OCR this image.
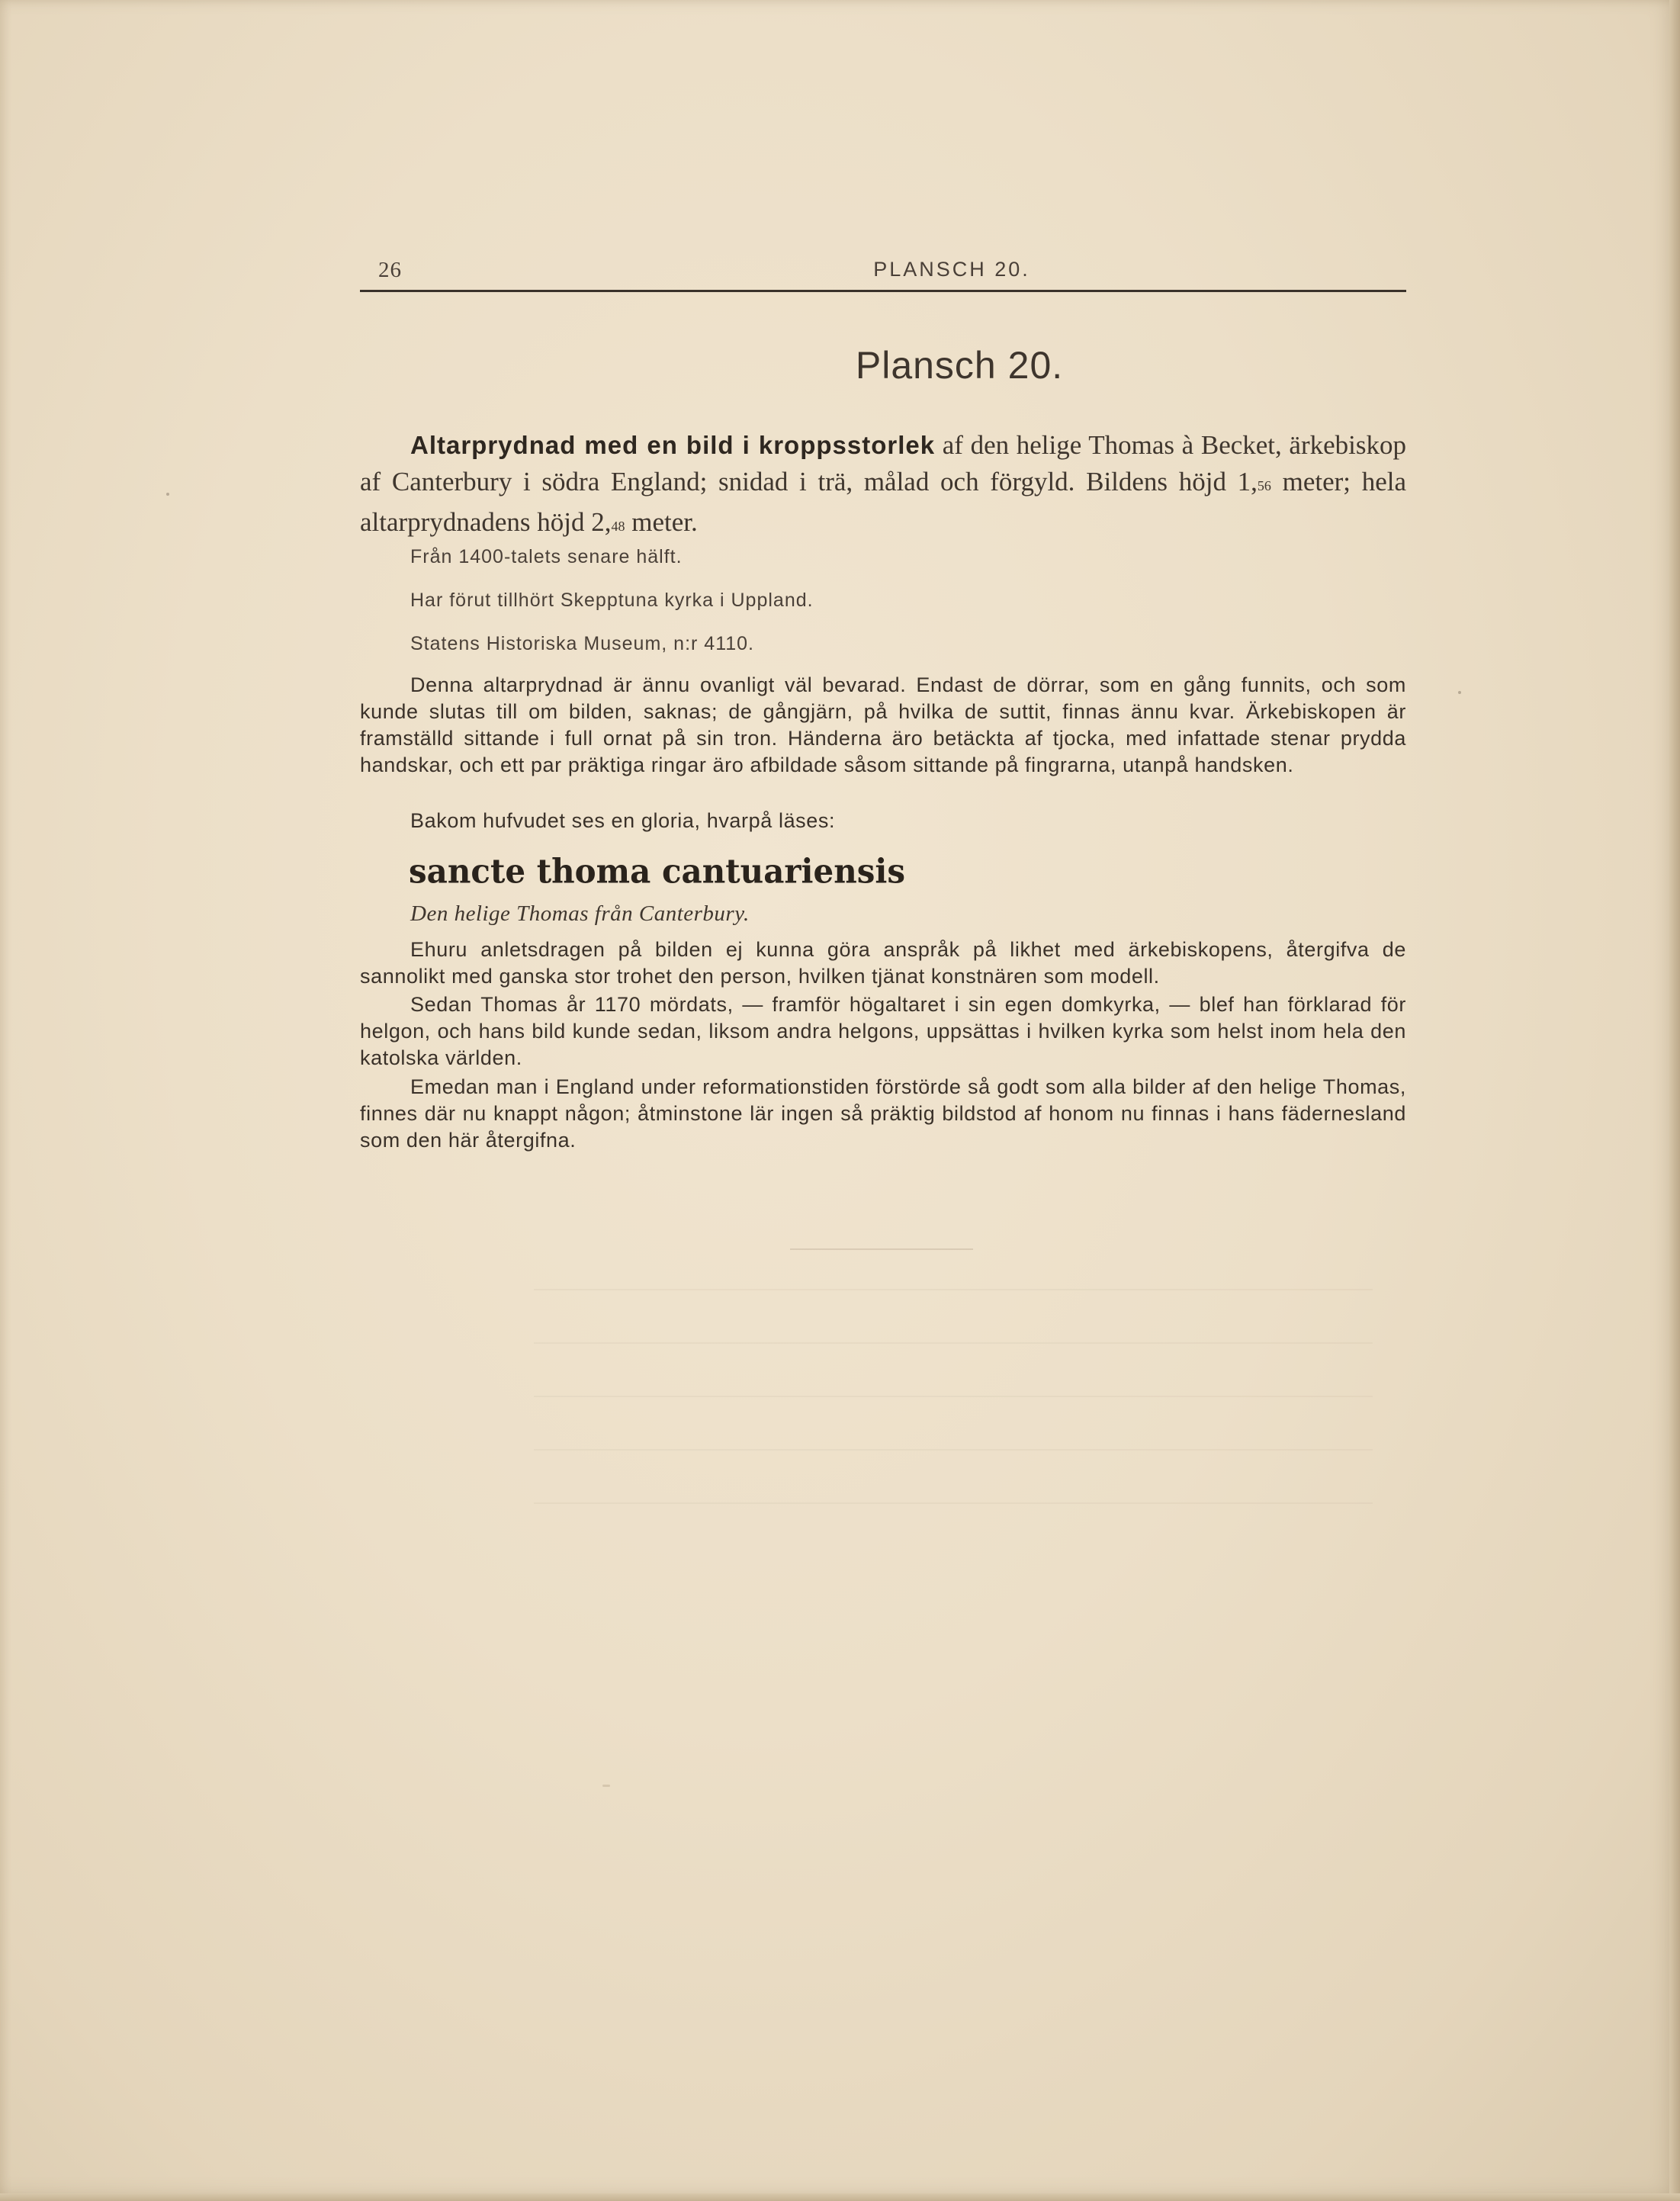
26	PLANSCH 20.
Plansch 20.

Altarprydnad med en bild i kroppsstorlek af den helige Thomas à Becket, ärkebiskop af Canterbury i södra England; snidad i trä, målad och förgyld. Bildens höjd 1,56 meter; hela altarprydnadens höjd 2,48 meter.

Från 1400-talets senare hälft.

Har förut tillhört Skepptuna kyrka i Uppland.

Statens Historiska Museum, n:r 4110.

Denna altarprydnad är ännu ovanligt väl bevarad. Endast de dörrar, som en gång funnits, och som kunde slutas till om bilden, saknas; de gångjärn, på hvilka de suttit, finnas ännu kvar. Ärkebiskopen är framställd sittande i full ornat på sin tron. Händerna äro betäckta af tjocka, med infattade stenar prydda handskar, och ett par präktiga ringar äro afbildade såsom sittande på fingrarna, utanpå handsken.

Bakom hufvudet ses en gloria, hvarpå läses:

sancte thoma cantuariensis

Den helige Thomas från Canterbury.

Ehuru anletsdragen på bilden ej kunna göra anspråk på likhet med ärkebiskopens, återgifva de sannolikt med ganska stor trohet den person, hvilken tjänat konstnären som modell.

Sedan Thomas år 1170 mördats, — framför högaltaret i sin egen domkyrka, — blef han förklarad för helgon, och hans bild kunde sedan, liksom andra helgons, uppsättas i hvilken kyrka som helst inom hela den katolska världen.

Emedan man i England under reformationstiden förstörde så godt som alla bilder af den helige Thomas, finnes där nu knappt någon; åtminstone lär ingen så präktig bildstod af honom nu finnas i hans fädernesland som den här återgifna.
